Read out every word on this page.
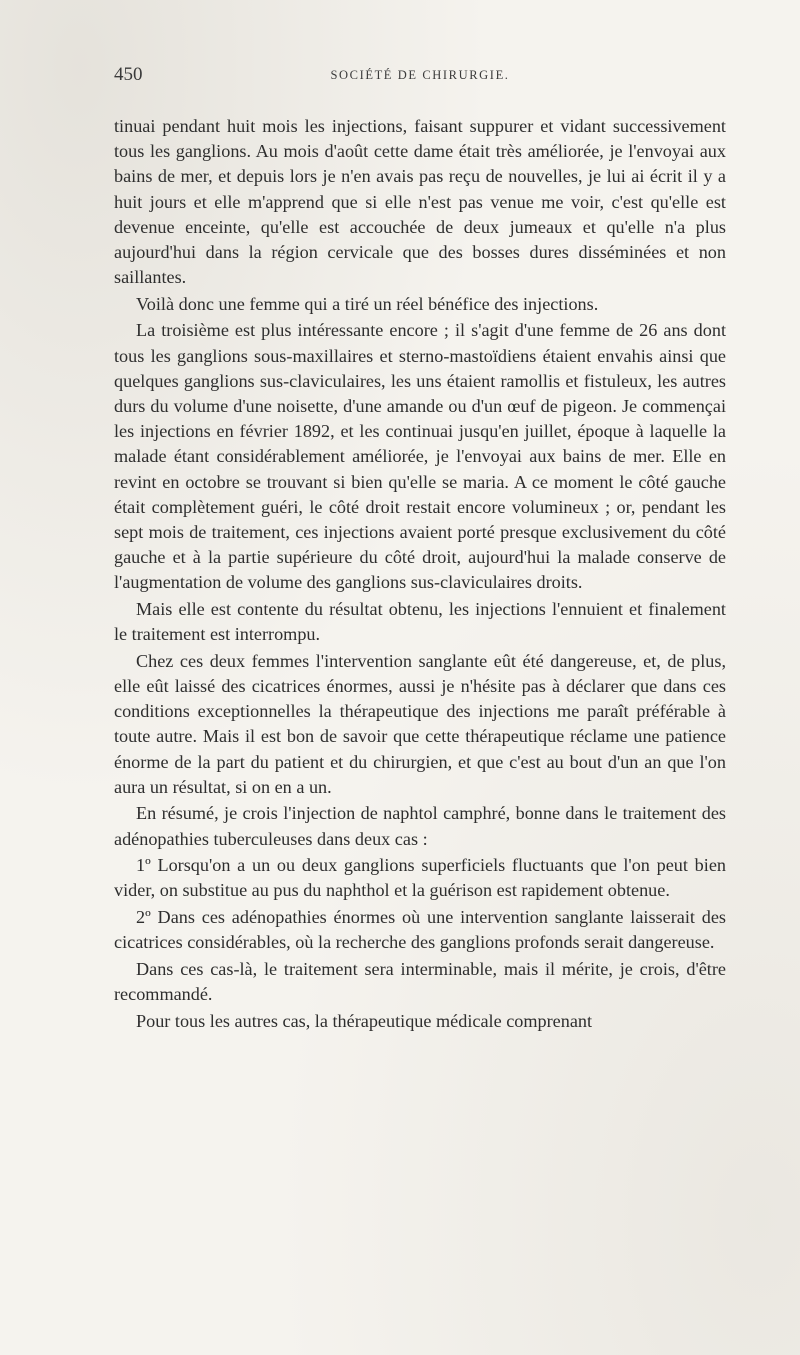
450	SOCIÉTÉ DE CHIRURGIE.

tinuai pendant huit mois les injections, faisant suppurer et vidant successivement tous les ganglions. Au mois d'août cette dame était très améliorée, je l'envoyai aux bains de mer, et depuis lors je n'en avais pas reçu de nouvelles, je lui ai écrit il y a huit jours et elle m'apprend que si elle n'est pas venue me voir, c'est qu'elle est devenue enceinte, qu'elle est accouchée de deux jumeaux et qu'elle n'a plus aujourd'hui dans la région cervicale que des bosses dures disséminées et non saillantes.

Voilà donc une femme qui a tiré un réel bénéfice des injections.

La troisième est plus intéressante encore ; il s'agit d'une femme de 26 ans dont tous les ganglions sous-maxillaires et sterno-mastoïdiens étaient envahis ainsi que quelques ganglions sus-claviculaires, les uns étaient ramollis et fistuleux, les autres durs du volume d'une noisette, d'une amande ou d'un œuf de pigeon. Je commençai les injections en février 1892, et les continuai jusqu'en juillet, époque à laquelle la malade étant considérablement améliorée, je l'envoyai aux bains de mer. Elle en revint en octobre se trouvant si bien qu'elle se maria. A ce moment le côté gauche était complètement guéri, le côté droit restait encore volumineux ; or, pendant les sept mois de traitement, ces injections avaient porté presque exclusivement du côté gauche et à la partie supérieure du côté droit, aujourd'hui la malade conserve de l'augmentation de volume des ganglions sus-claviculaires droits.

Mais elle est contente du résultat obtenu, les injections l'ennuient et finalement le traitement est interrompu.

Chez ces deux femmes l'intervention sanglante eût été dangereuse, et, de plus, elle eût laissé des cicatrices énormes, aussi je n'hésite pas à déclarer que dans ces conditions exceptionnelles la thérapeutique des injections me paraît préférable à toute autre. Mais il est bon de savoir que cette thérapeutique réclame une patience énorme de la part du patient et du chirurgien, et que c'est au bout d'un an que l'on aura un résultat, si on en a un.

En résumé, je crois l'injection de naphtol camphré, bonne dans le traitement des adénopathies tuberculeuses dans deux cas :

1º Lorsqu'on a un ou deux ganglions superficiels fluctuants que l'on peut bien vider, on substitue au pus du naphthol et la guérison est rapidement obtenue.

2º Dans ces adénopathies énormes où une intervention sanglante laisserait des cicatrices considérables, où la recherche des ganglions profonds serait dangereuse.

Dans ces cas-là, le traitement sera interminable, mais il mérite, je crois, d'être recommandé.

Pour tous les autres cas, la thérapeutique médicale comprenant
